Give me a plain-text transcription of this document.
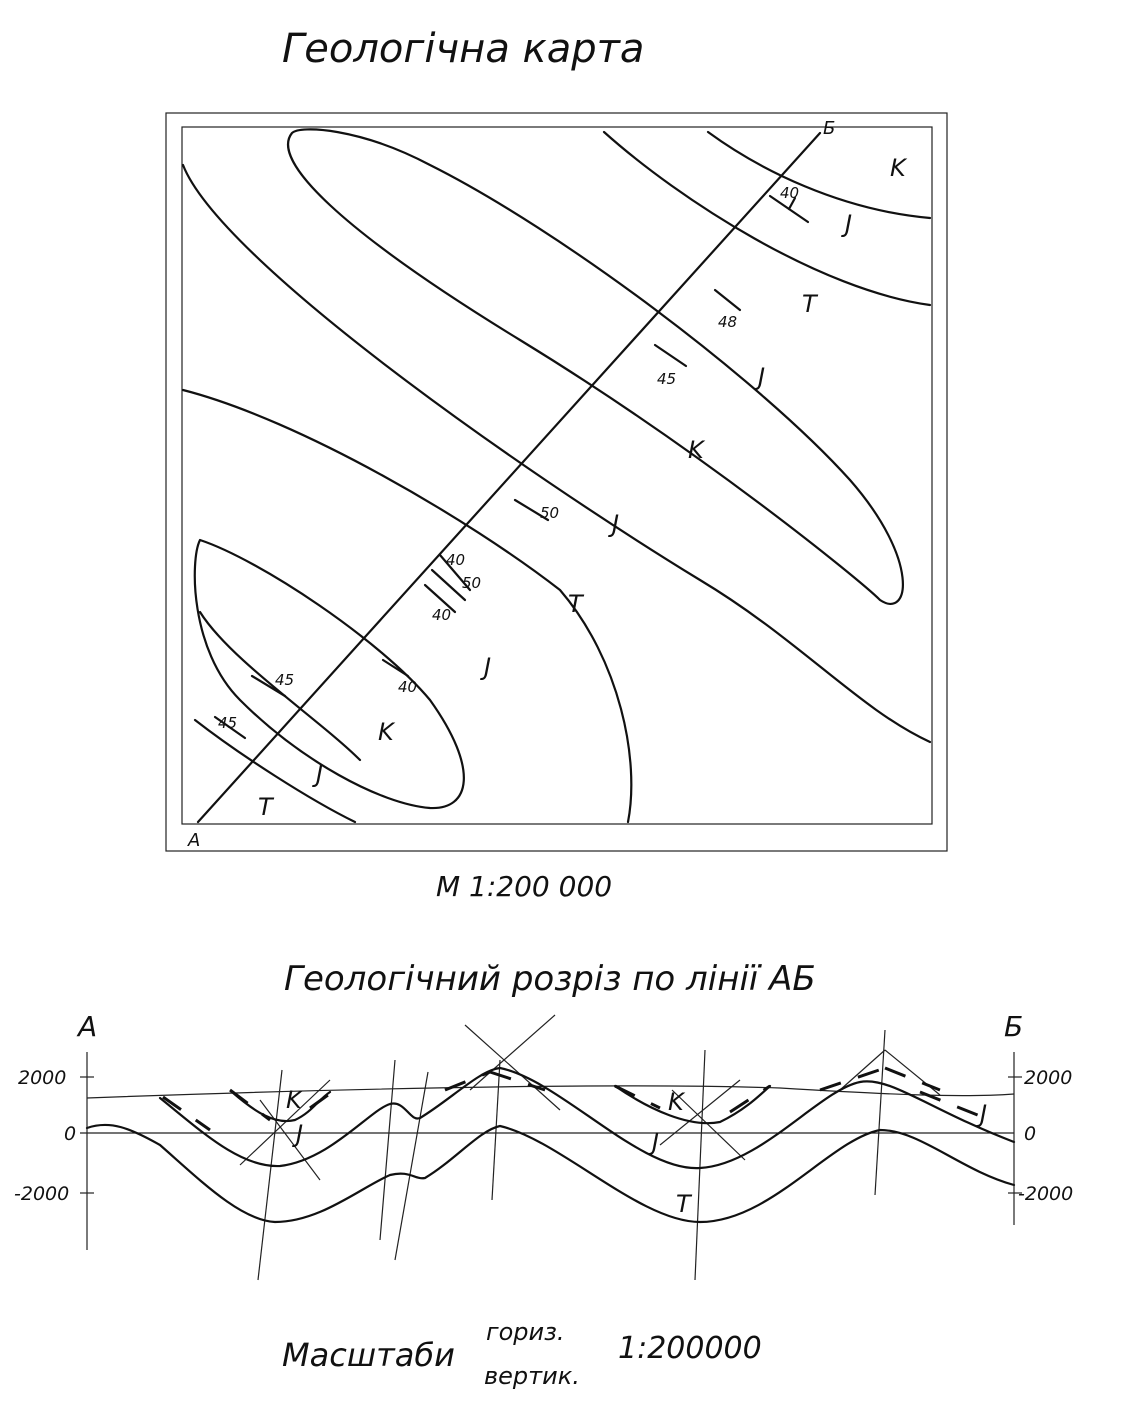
Геологічна карта
40
48
45
50
40
50
40
40
45
45
K
J
T
J
K
J
T
J
K
J
T
А
Б
М 1:200 000
Геологічний розріз по лінії АБ
А	Б
2000
0
-2000
2000
0
-2000
K
J
K
J
J
T
Масштаби
гориз.
вертик.
1:200000
